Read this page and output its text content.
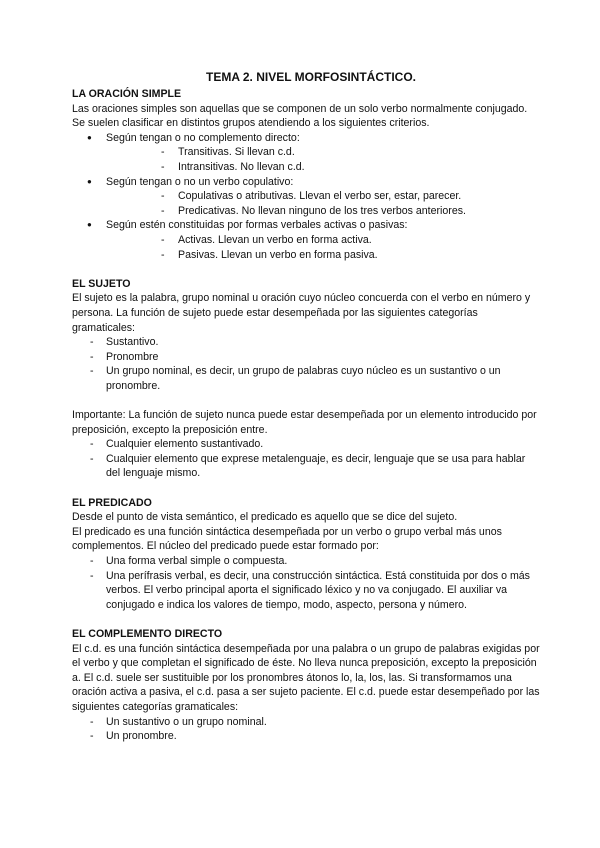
TEMA 2. NIVEL MORFOSINTÁCTICO.
LA ORACIÓN SIMPLE

Las oraciones simples son aquellas que se componen de un solo verbo normalmente conjugado. Se suelen clasificar en distintos grupos atendiendo a los siguientes criterios.

● Según tengan o no complemento directo:
- Transitivas. Si llevan c.d.
- Intransitivas. No llevan c.d.
● Según tengan o no un verbo copulativo:
- Copulativas o atributivas. Llevan el verbo ser, estar, parecer.
- Predicativas. No llevan ninguno de los tres verbos anteriores.
● Según estén constituidas por formas verbales activas o pasivas:
- Activas. Llevan un verbo en forma activa.
- Pasivas. Llevan un verbo en forma pasiva.
EL SUJETO

El sujeto es la palabra, grupo nominal u oración cuyo núcleo concuerda con el verbo en número y persona. La función de sujeto puede estar desempeñada por las siguientes categorías gramaticales:

- Sustantivo.
- Pronombre
- Un grupo nominal, es decir, un grupo de palabras cuyo núcleo es un sustantivo o un pronombre.

Importante: La función de sujeto nunca puede estar desempeñada por un elemento introducido por preposición, excepto la preposición entre.

- Cualquier elemento sustantivado.
- Cualquier elemento que exprese metalenguaje, es decir, lenguaje que se usa para hablar del lenguaje mismo.
EL PREDICADO

Desde el punto de vista semántico, el predicado es aquello que se dice del sujeto.

El predicado es una función sintáctica desempeñada por un verbo o grupo verbal más unos complementos. El núcleo del predicado puede estar formado por:

- Una forma verbal simple o compuesta.
- Una perífrasis verbal, es decir, una construcción sintáctica. Está constituida por dos o más verbos. El verbo principal aporta el significado léxico y no va conjugado. El auxiliar va conjugado e indica los valores de tiempo, modo, aspecto, persona y número.
EL COMPLEMENTO DIRECTO

El c.d. es una función sintáctica desempeñada por una palabra o un grupo de palabras exigidas por el verbo y que completan el significado de éste. No lleva nunca preposición, excepto la preposición a. El c.d. suele ser sustituible por los pronombres átonos lo, la, los, las. Si transformamos una oración activa a pasiva, el c.d. pasa a ser sujeto paciente. El c.d. puede estar desempeñado por las siguientes categorías gramaticales:

- Un sustantivo o un grupo nominal.
- Un pronombre.
